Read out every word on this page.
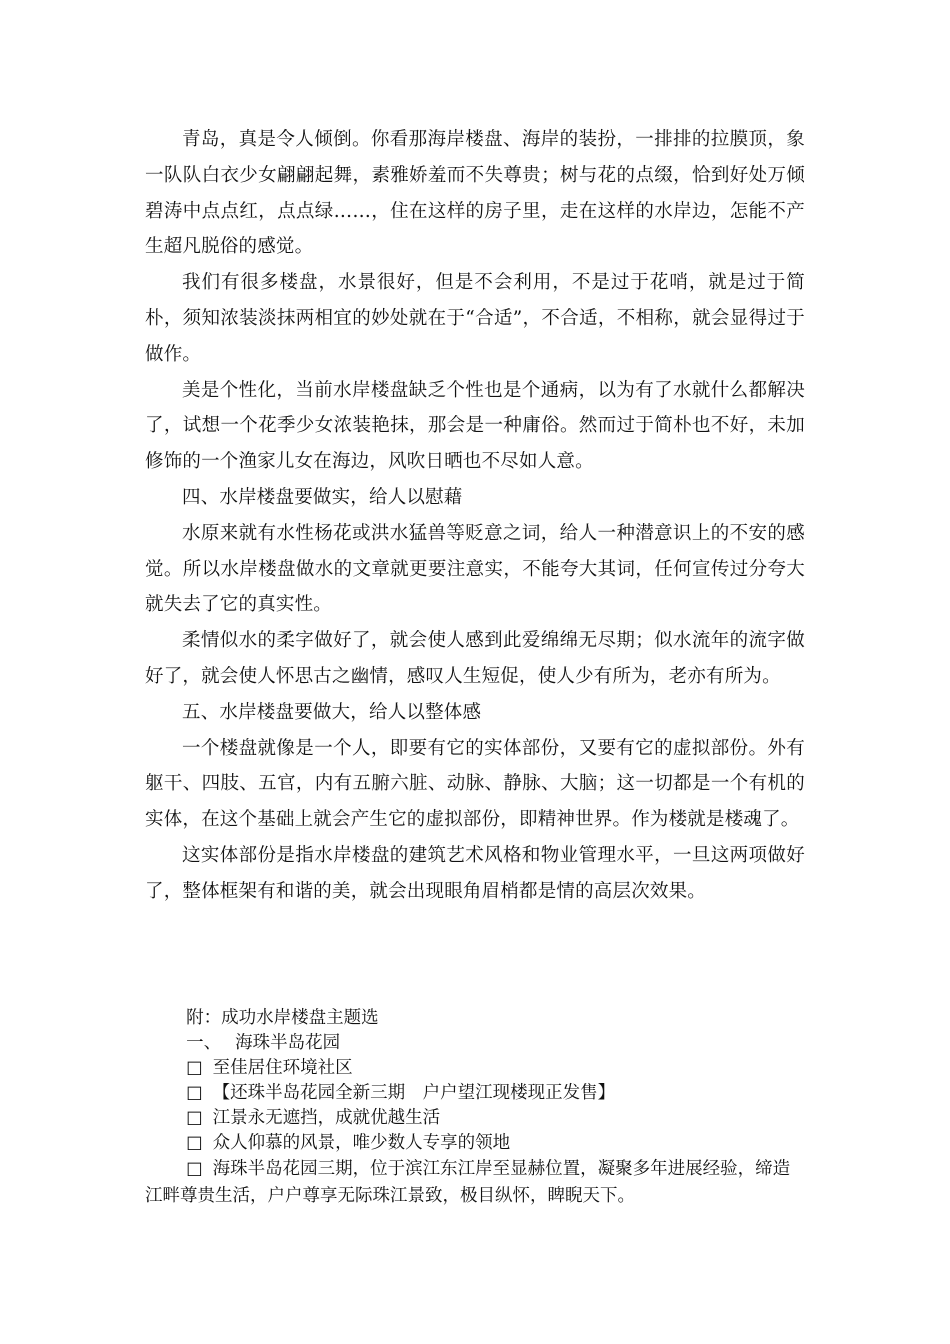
青岛，真是令人倾倒。你看那海岸楼盘、海岸的装扮，一排排的拉膜顶，象一队队白衣少女翩翩起舞，素雅娇羞而不失尊贵；树与花的点缀，恰到好处万倾碧涛中点点红，点点绿……，住在这样的房子里，走在这样的水岸边，怎能不产生超凡脱俗的感觉。

我们有很多楼盘，水景很好，但是不会利用，不是过于花哨，就是过于简朴，须知浓装淡抹两相宜的妙处就在于“合适”，不合适，不相称，就会显得过于做作。

美是个性化，当前水岸楼盘缺乏个性也是个通病，以为有了水就什么都解决了，试想一个花季少女浓装艳抹，那会是一种庸俗。然而过于简朴也不好，未加修饰的一个渔家儿女在海边，风吹日晒也不尽如人意。

四、水岸楼盘要做实，给人以慰藉

水原来就有水性杨花或洪水猛兽等贬意之词，给人一种潜意识上的不安的感觉。所以水岸楼盘做水的文章就更要注意实，不能夸大其词，任何宣传过分夸大就失去了它的真实性。

柔情似水的柔字做好了，就会使人感到此爱绵绵无尽期；似水流年的流字做好了，就会使人怀思古之幽情，感叹人生短促，使人少有所为，老亦有所为。

五、水岸楼盘要做大，给人以整体感

一个楼盘就像是一个人，即要有它的实体部份，又要有它的虚拟部份。外有躯干、四肢、五官，内有五腑六脏、动脉、静脉、大脑；这一切都是一个有机的实体，在这个基础上就会产生它的虚拟部份，即精神世界。作为楼就是楼魂了。

这实体部份是指水岸楼盘的建筑艺术风格和物业管理水平，一旦这两项做好了，整体框架有和谐的美，就会出现眼角眉梢都是情的高层次效果。

附：成功水岸楼盘主题选

一、 海珠半岛花园

□ 至佳居住环境社区

□ 【还珠半岛花园全新三期　户户望江现楼现正发售】

□ 江景永无遮挡，成就优越生活

□ 众人仰慕的风景，唯少数人专享的领地

□ 海珠半岛花园三期，位于滨江东江岸至显赫位置，凝聚多年进展经验，缔造江畔尊贵生活，户户尊享无际珠江景致，极目纵怀，睥睨天下。
